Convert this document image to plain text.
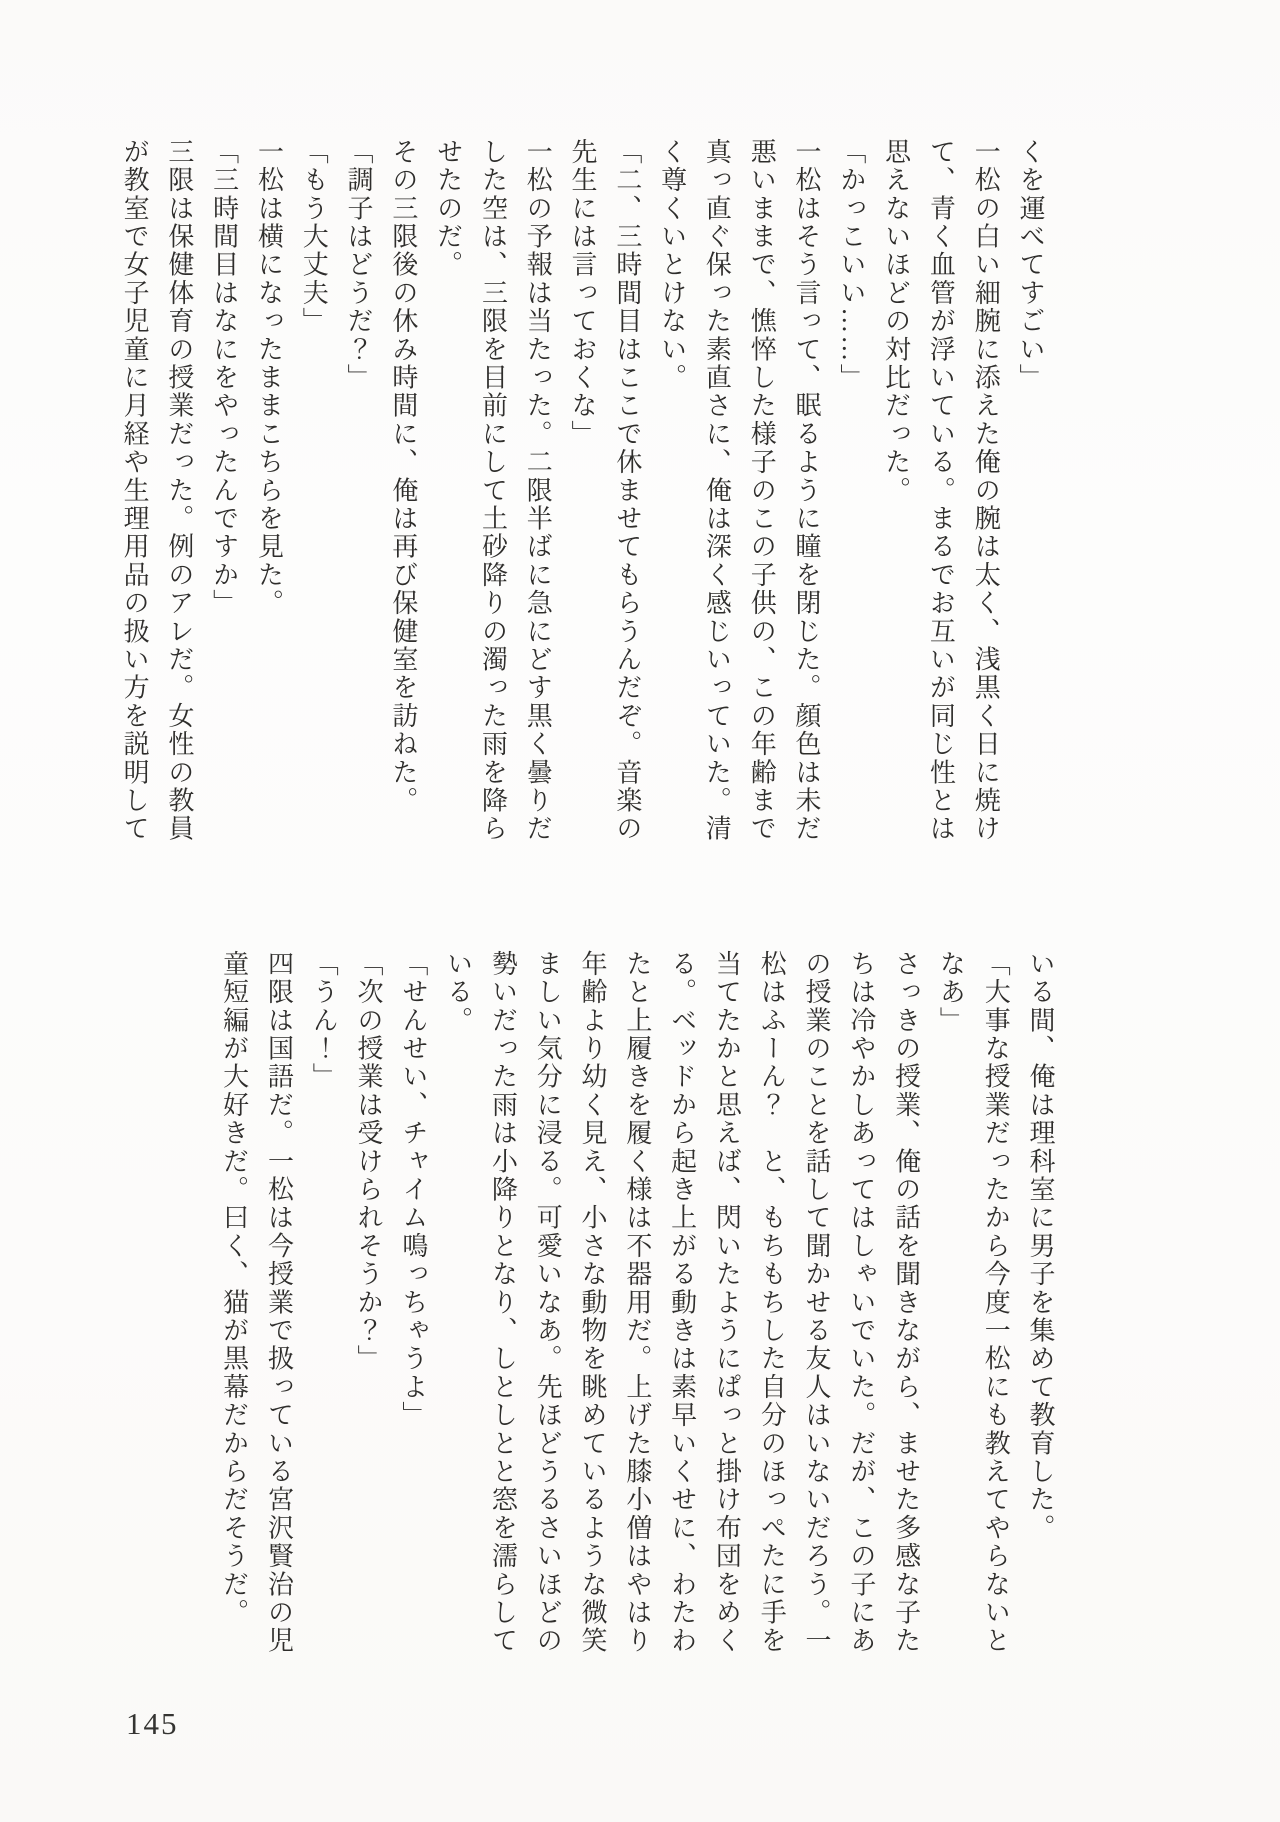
くを運べてすごい」
一松の白い細腕に添えた俺の腕は太く、浅黒く日に焼け
て、青く血管が浮いている。まるでお互いが同じ性とは
思えないほどの対比だった。
「かっこいい……」
一松はそう言って、眠るように瞳を閉じた。顔色は未だ
悪いままで、憔悴した様子のこの子供の、この年齢まで
真っ直ぐ保った素直さに、俺は深く感じいっていた。清
く尊くいとけない。
「二、三時間目はここで休ませてもらうんだぞ。音楽の
先生には言っておくな」
一松の予報は当たった。二限半ばに急にどす黒く曇りだ
した空は、三限を目前にして土砂降りの濁った雨を降ら
せたのだ。
その三限後の休み時間に、俺は再び保健室を訪ねた。
「調子はどうだ？」
「もう大丈夫」
一松は横になったままこちらを見た。
「三時間目はなにをやったんですか」
三限は保健体育の授業だった。例のアレだ。女性の教員
が教室で女子児童に月経や生理用品の扱い方を説明して
いる間、俺は理科室に男子を集めて教育した。
「大事な授業だったから今度一松にも教えてやらないと
なあ」
さっきの授業、俺の話を聞きながら、ませた多感な子た
ちは冷やかしあってはしゃいでいた。だが、この子にあ
の授業のことを話して聞かせる友人はいないだろう。一
松はふーん？　と、もちもちした自分のほっぺたに手を
当てたかと思えば、閃いたようにぱっと掛け布団をめく
る。ベッドから起き上がる動きは素早いくせに、わたわ
たと上履きを履く様は不器用だ。上げた膝小僧はやはり
年齢より幼く見え、小さな動物を眺めているような微笑
ましい気分に浸る。可愛いなあ。先ほどうるさいほどの
勢いだった雨は小降りとなり、しとしとと窓を濡らして
いる。
「せんせい、チャイム鳴っちゃうよ」
「次の授業は受けられそうか？」
「うん！」
四限は国語だ。一松は今授業で扱っている宮沢賢治の児
童短編が大好きだ。曰く、猫が黒幕だからだそうだ。
145
